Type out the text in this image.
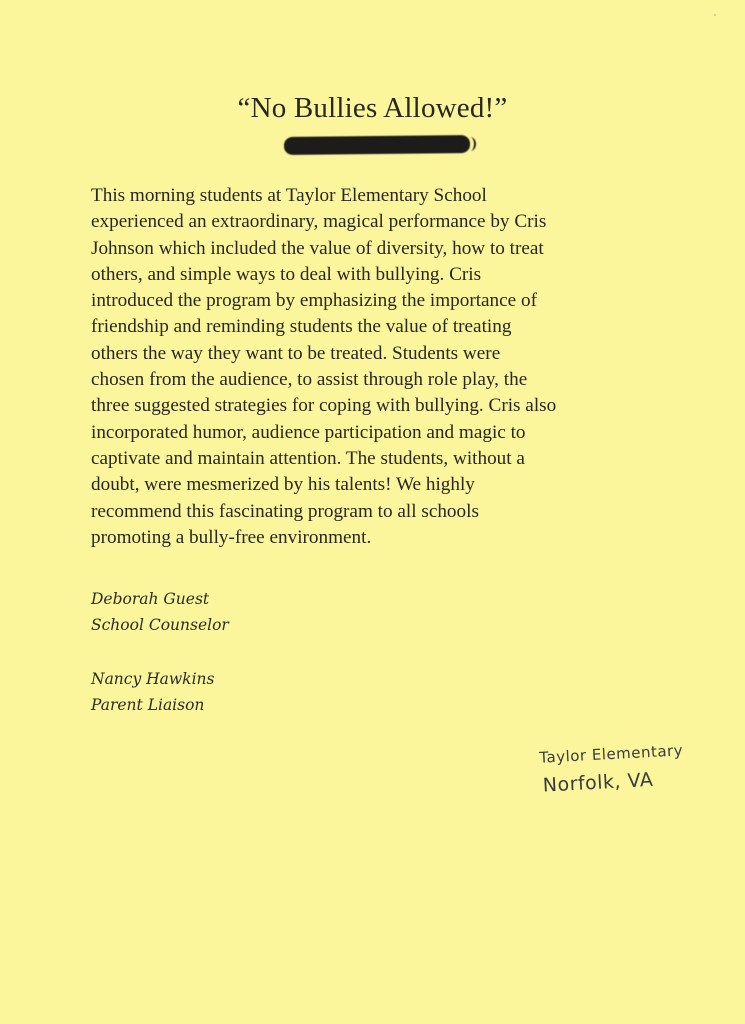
“No Bullies Allowed!”
This morning students at Taylor Elementary School
experienced an extraordinary, magical performance by Cris
Johnson which included the value of diversity, how to treat
others, and simple ways to deal with bullying. Cris
introduced the program by emphasizing the importance of
friendship and reminding students the value of treating
others the way they want to be treated. Students were
chosen from the audience, to assist through role play, the
three suggested strategies for coping with bullying. Cris also
incorporated humor, audience participation and magic to
captivate and maintain attention. The students, without a
doubt, were mesmerized by his talents! We highly
recommend this fascinating program to all schools
promoting a bully-free environment.
Deborah Guest
School Counselor
Nancy Hawkins
Parent Liaison
Taylor Elementary
Norfolk, VA
